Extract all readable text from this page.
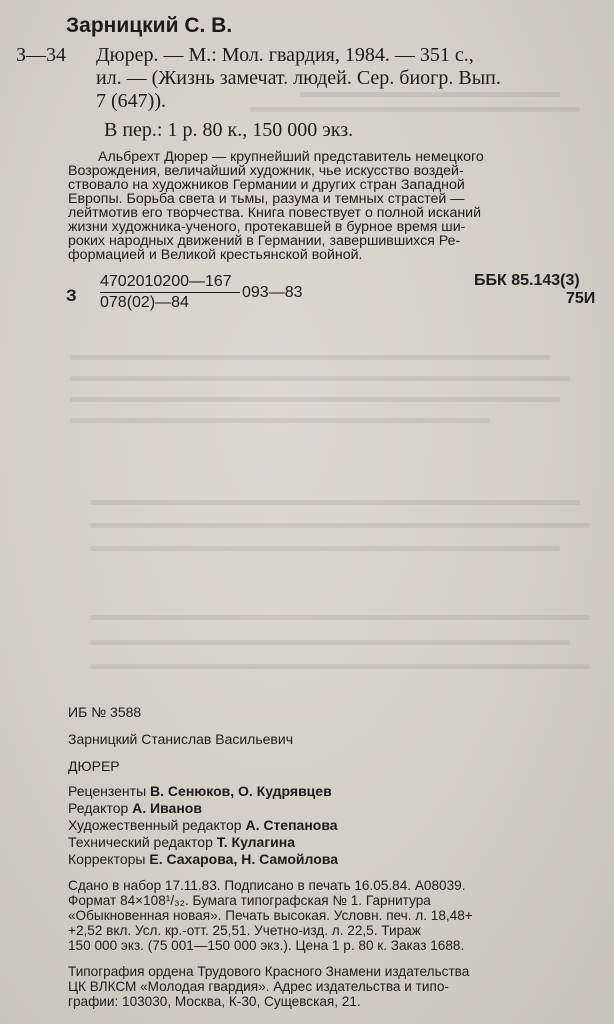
Зарницкий С. В.
З—34 Дюрер. — М.: Мол. гвардия, 1984. — 351 с.,
ил. — (Жизнь замечат. людей. Сер. биогр. Вып.
7 (647)).
В пер.: 1 р. 80 к., 150 000 экз.
Альбрехт Дюрер — крупнейший представитель немецкого
Возрождения, величайший художник, чье искусство воздей-
ствовало на художников Германии и других стран Западной
Европы. Борьба света и тьмы, разума и темных страстей —
лейтмотив его творчества. Книга повествует о полной исканий
жизни художника-ученого, протекавшей в бурное время ши-
роких народных движений в Германии, завершившихся Ре-
формацией и Великой крестьянской войной.
З
4702010200—167
078(02)—84
093—83
ББК 85.143(3)
75И
ИБ № 3588
Зарницкий Станислав Васильевич
ДЮРЕР
Рецензенты В. Сенюков, О. Кудрявцев
Редактор А. Иванов
Художественный редактор А. Степанова
Технический редактор Т. Кулагина
Корректоры Е. Сахарова, Н. Самойлова
Сдано в набор 17.11.83. Подписано в печать 16.05.84. А08039.
Формат 84×108¹/₃₂. Бумага типографская № 1. Гарнитура
«Обыкновенная новая». Печать высокая. Условн. печ. л. 18,48+
+2,52 вкл. Усл. кр.-отт. 25,51. Учетно-изд. л. 22,5. Тираж
150 000 экз. (75 001—150 000 экз.). Цена 1 р. 80 к. Заказ 1688.
Типография ордена Трудового Красного Знамени издательства
ЦК ВЛКСМ «Молодая гвардия». Адрес издательства и типо-
графии: 103030, Москва, К-30, Сущевская, 21.
